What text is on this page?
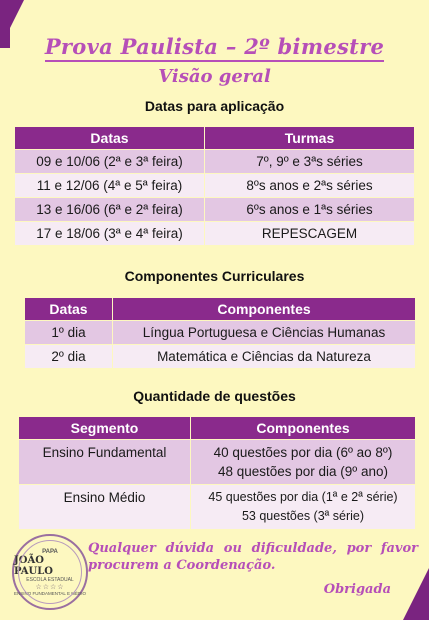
Prova Paulista – 2º bimestre
Visão geral
Datas para aplicação
Datas	Turmas
09 e 10/06 (2ª e 3ª feira)	7º, 9º e 3ªs séries
11 e 12/06 (4ª e 5ª feira)	8ºs anos e 2ªs séries
13 e 16/06 (6ª e 2ª feira)	6ºs anos e 1ªs séries
17 e 18/06 (3ª e 4ª feira)	REPESCAGEM
Componentes Curriculares
Datas	Componentes
1º dia	Língua Portuguesa e Ciências Humanas
2º dia	Matemática e Ciências da Natureza
Quantidade de questões
Segmento	Componentes
Ensino Fundamental	40 questões por dia (6º ao 8º)
48 questões por dia (9º ano)

Ensino Médio	45 questões por dia (1ª e 2ª série)
53 questões (3ª série)
PAPA
JOÃO PAULO
ESCOLA ESTADUAL
☆☆☆☆
ENSINO FUNDAMENTAL E MÉDIO
Qualquer dúvida ou dificuldade, por favor procurem a Coordenação.
Obrigada
